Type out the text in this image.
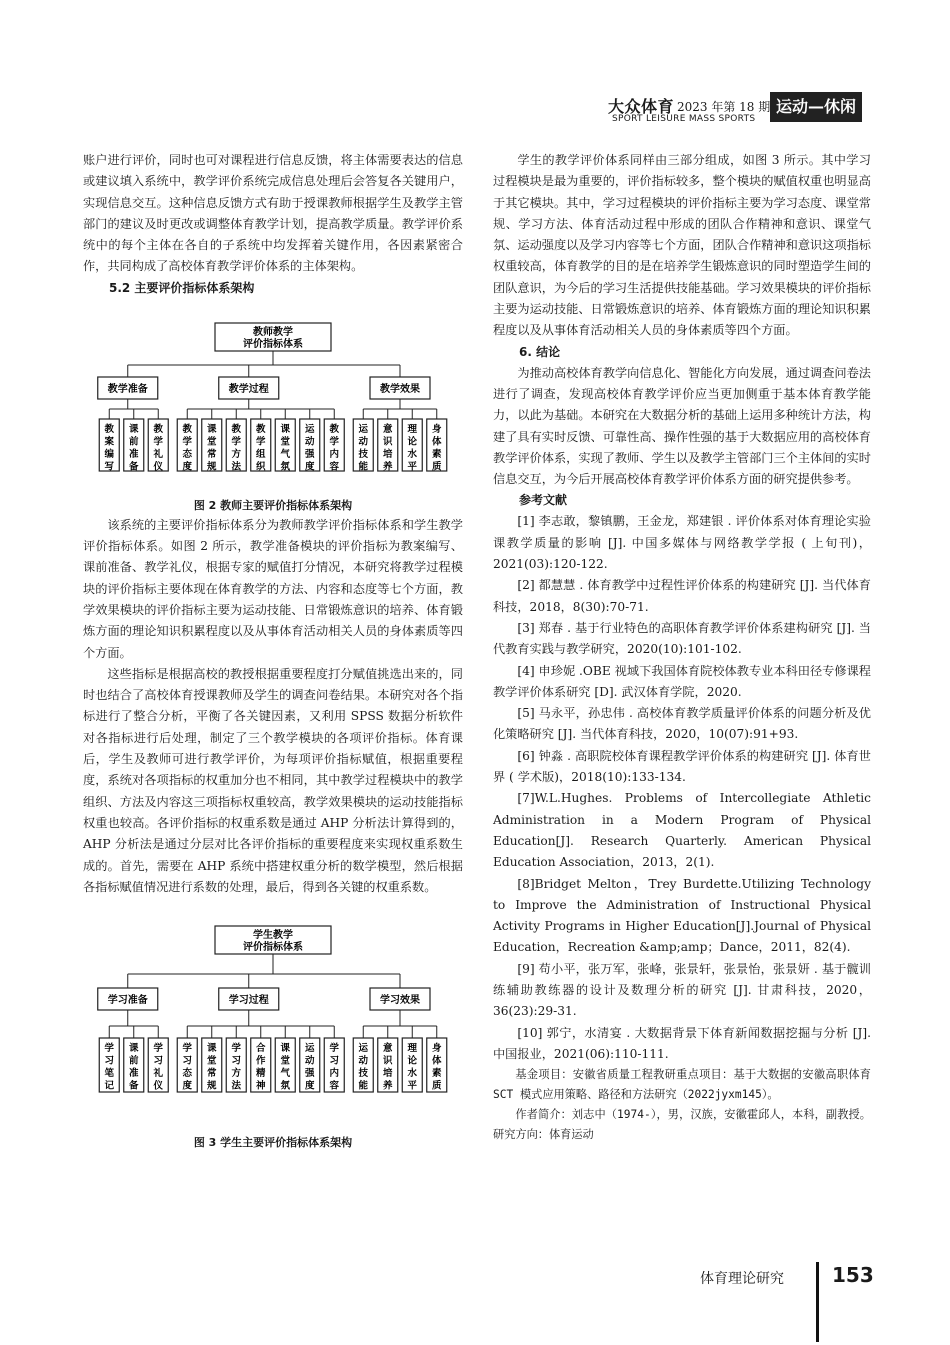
大众体育 2023 年第 18 期
SPORT LEISURE MASS SPORTS
运动—休闲

账户进行评价，同时也可对课程进行信息反馈，将主体需要表达的信息或建议填入系统中，教学评价系统完成信息处理后会答复各关键用户，实现信息交互。这种信息反馈方式有助于授课教师根据学生及教学主管部门的建议及时更改或调整体育教学计划，提高教学质量。教学评价系统中的每个主体在各自的子系统中均发挥着关键作用，各因素紧密合作，共同构成了高校体育教学评价体系的主体架构。

5.2 主要评价指标体系架构
教师教学
评价指标体系
教学准备
教案编写
课前准备
教学礼仪
教学过程
教学态度
课堂常规
教学方法
教学组织
课堂气氛
运动强度
教学内容
教学效果
运动技能
意识培养
理论水平
身体素质
图 2 教师主要评价指标体系架构

该系统的主要评价指标体系分为教师教学评价指标体系和学生教学评价指标体系。如图 2 所示，教学准备模块的评价指标为教案编写、课前准备、教学礼仪，根据专家的赋值打分情况，本研究将教学过程模块的评价指标主要体现在体育教学的方法、内容和态度等七个方面，教学效果模块的评价指标主要为运动技能、日常锻炼意识的培养、体育锻炼方面的理论知识积累程度以及从事体育活动相关人员的身体素质等四个方面。

这些指标是根据高校的教授根据重要程度打分赋值挑选出来的，同时也结合了高校体育授课教师及学生的调查问卷结果。本研究对各个指标进行了整合分析，平衡了各关键因素，又利用 SPSS 数据分析软件对各指标进行后处理，制定了三个教学模块的各项评价指标。体育课后，学生及教师可进行教学评价，为每项评价指标赋值，根据重要程度，系统对各项指标的权重加分也不相同，其中教学过程模块中的教学组织、方法及内容这三项指标权重较高，教学效果模块的运动技能指标权重也较高。各评价指标的权重系数是通过 AHP 分析法计算得到的，AHP 分析法是通过分层对比各评价指标的重要程度来实现权重系数生成的。首先，需要在 AHP 系统中搭建权重分析的数学模型，然后根据各指标赋值情况进行系数的处理，最后，得到各关键的权重系数。

学生教学
评价指标体系
学习准备
学习笔记
课前准备
学习礼仪
学习过程
学习态度
课堂常规
学习方法
合作精神
课堂气氛
运动强度
学习内容
学习效果
运动技能
意识培养
理论水平
身体素质
图 3 学生主要评价指标体系架构

学生的教学评价体系同样由三部分组成，如图 3 所示。其中学习过程模块是最为重要的，评价指标较多，整个模块的赋值权重也明显高于其它模块。其中，学习过程模块的评价指标主要为学习态度、课堂常规、学习方法、体育活动过程中形成的团队合作精神和意识、课堂气氛、运动强度以及学习内容等七个方面，团队合作精神和意识这项指标权重较高，体育教学的目的是在培养学生锻炼意识的同时塑造学生间的团队意识，为今后的学习生活提供技能基础。学习效果模块的评价指标主要为运动技能、日常锻炼意识的培养、体育锻炼方面的理论知识积累程度以及从事体育活动相关人员的身体素质等四个方面。

6. 结论

为推动高校体育教学向信息化、智能化方向发展，通过调查问卷法进行了调查，发现高校体育教学评价应当更加侧重于基本体育教学能力，以此为基础。本研究在大数据分析的基础上运用多种统计方法，构建了具有实时反馈、可靠性高、操作性强的基于大数据应用的高校体育教学评价体系，实现了教师、学生以及教学主管部门三个主体间的实时信息交互，为今后开展高校体育教学评价体系方面的研究提供参考。

参考文献

[1] 李志敢，黎镇鹏，王金龙，郑建银 . 评价体系对体育理论实验课教学质量的影响 [J]. 中国多媒体与网络教学学报 ( 上旬刊)，2021(03):120-122.

[2] 都慧慧 . 体育教学中过程性评价体系的构建研究 [J]. 当代体育科技，2018，8(30):70-71.

[3] 郑春 . 基于行业特色的高职体育教学评价体系建构研究 [J]. 当代教育实践与教学研究，2020(10):101-102.

[4] 申珍妮 .OBE 视域下我国体育院校体教专业本科田径专修课程教学评价体系研究 [D]. 武汉体育学院，2020.

[5] 马永平，孙忠伟 . 高校体育教学质量评价体系的问题分析及优化策略研究 [J]. 当代体育科技，2020，10(07):91+93.

[6] 钟淼 . 高职院校体育课程教学评价体系的构建研究 [J]. 体育世界 ( 学术版)，2018(10):133-134.

[7]W.L.Hughes. Problems of Intercollegiate Athletic Administration in a Modern Program of Physical Education[J]. Research Quarterly. American Physical Education Association，2013，2(1).

[8]Bridget Melton，Trey Burdette.Utilizing Technology to Improve the Administration of Instructional Physical Activity Programs in Higher Education[J].Journal of Physical Education，Recreation &amp;amp；Dance，2011，82(4).

[9] 苟小平，张万军，张峰，张景轩，张景怡，张景妍 . 基于髋训练辅助教练器的设计及数理分析的研究 [J]. 甘肃科技，2020，36(23):29-31.

[10] 郭宁，水清宴 . 大数据背景下体育新闻数据挖掘与分析 [J]. 中国报业，2021(06):110-111.

基金项目：安徽省质量工程教研重点项目：基于大数据的安徽高职体育 SCT 模式应用策略、路径和方法研究（2022jyxm145）。

作者简介：刘志中（1974-），男，汉族，安徽霍邱人，本科，副教授。研究方向：体育运动

体育理论研究 153
